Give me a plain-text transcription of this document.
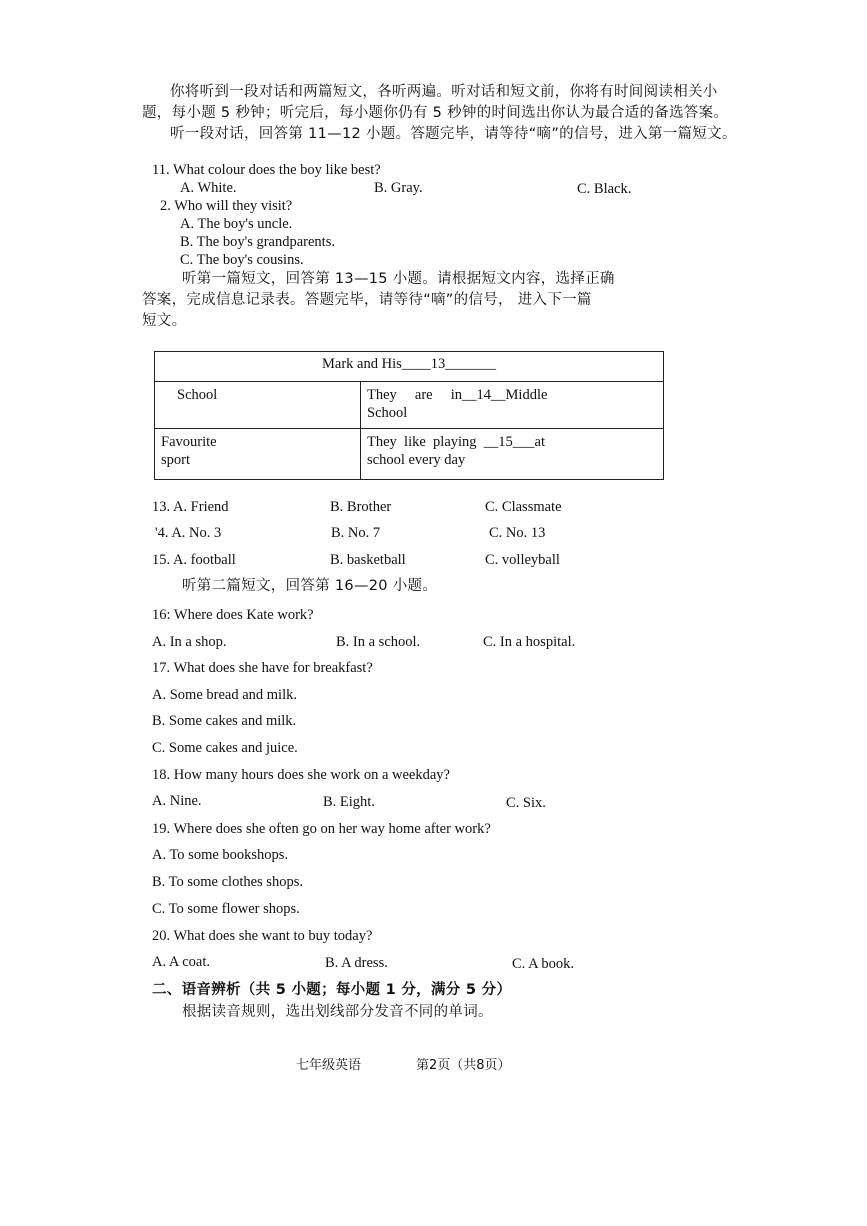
你将听到一段对话和两篇短文，各听两遍。听对话和短文前，你将有时间阅读相关小
题，每小题 5 秒钟；听完后，每小题你仍有 5 秒钟的时间选出你认为最合适的备选答案。
听一段对话，回答第 11—12 小题。答题完毕，请等待“嘀”的信号，进入第一篇短文。
11. What colour does the boy like best?
A. White.	B. Gray.	C. Black.
2. Who will they visit?
A. The boy's uncle.
B. The boy's grandparents.
C. The boy's cousins.
听第一篇短文，回答第 13—15 小题。请根据短文内容，选择正确
答案，完成信息记录表。答题完毕，请等待“嘀”的信号， 进入下一篇
短文。
Mark and His____13_______	
School	They     are     in__14__Middle
School
Favourite
sport	They  like  playing  __15___at
school every day
13. A. Friend	B. Brother	C. Classmate
'4. A. No. 3	B. No. 7	C. No. 13
15. A. football	B. basketball	C. volleyball
听第二篇短文，回答第 16—20 小题。
16: Where does Kate work?
A. In a shop.	B. In a school.	C. In a hospital.
17. What does she have for breakfast?
A. Some bread and milk.
B. Some cakes and milk.
C. Some cakes and juice.
18. How many hours does she work on a weekday?
A. Nine.	B. Eight.	C. Six.
19. Where does she often go on her way home after work?
A. To some bookshops.
B. To some clothes shops.
C. To some flower shops.
20. What does she want to buy today?
A. A coat.	B. A dress.	C. A book.
二、语音辨析（共 5 小题；每小题 1 分，满分 5 分）
根据读音规则，选出划线部分发音不同的单词。
七年级英语	第2页（共8页）
